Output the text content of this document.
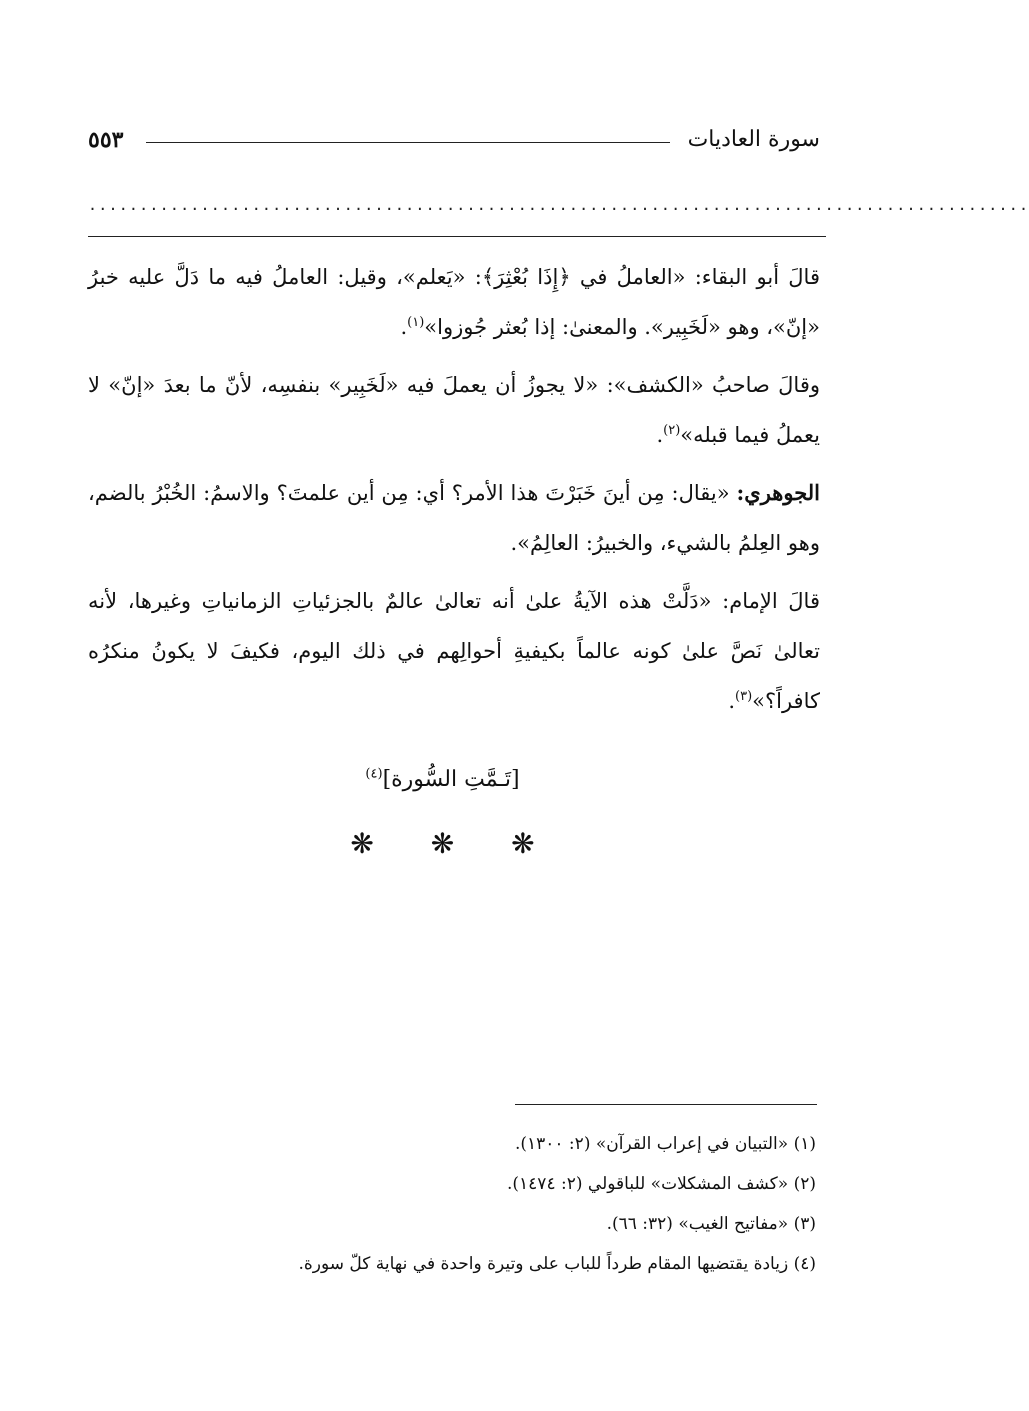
سورة العاديات
٥٥٣
............................................................................................

قالَ أبو البقاء: «العاملُ في ﴿إِذَا بُعْثِرَ﴾: «يَعلم»، وقيل: العاملُ فيه ما دَلَّ عليه خبرُ «إنّ»، وهو «لَخَبِير». والمعنىٰ: إذا بُعثر جُوزوا»$^{(١)}$.

وقالَ صاحبُ «الكشف»: «لا يجوزُ أن يعملَ فيه «لَخَبِير» بنفسِه، لأنّ ما بعدَ «إنّ» لا يعملُ فيما قبله»$^{(٢)}$.

الجوهري: «يقال: مِن أينَ خَبَرْتَ هذا الأمر؟ أي: مِن أين علمتَ؟ والاسمُ: الخُبْرُ بالضم، وهو العِلمُ بالشيء، والخبيرُ: العالِمُ».

قالَ الإمام: «دَلَّتْ هذه الآيةُ علىٰ أنه تعالىٰ عالمٌ بالجزئياتِ الزمانياتِ وغيرها، لأنه تعالىٰ نَصَّ علىٰ كونه عالماً بكيفيةِ أحوالِهم في ذلك اليوم، فكيفَ لا يكونُ منكرُه كافراً؟»$^{(٣)}$.

[تَـمَّتِ السُّورة]$^{(٤)}$
❋ ❋ ❋
(١) «التبيان في إعراب القرآن» (٢: ١٣٠٠).
(٢) «كشف المشكلات» للباقولي (٢: ١٤٧٤).
(٣) «مفاتيح الغيب» (٣٢: ٦٦).
(٤) زيادة يقتضيها المقام طرداً للباب على وتيرة واحدة في نهاية كلّ سورة.
